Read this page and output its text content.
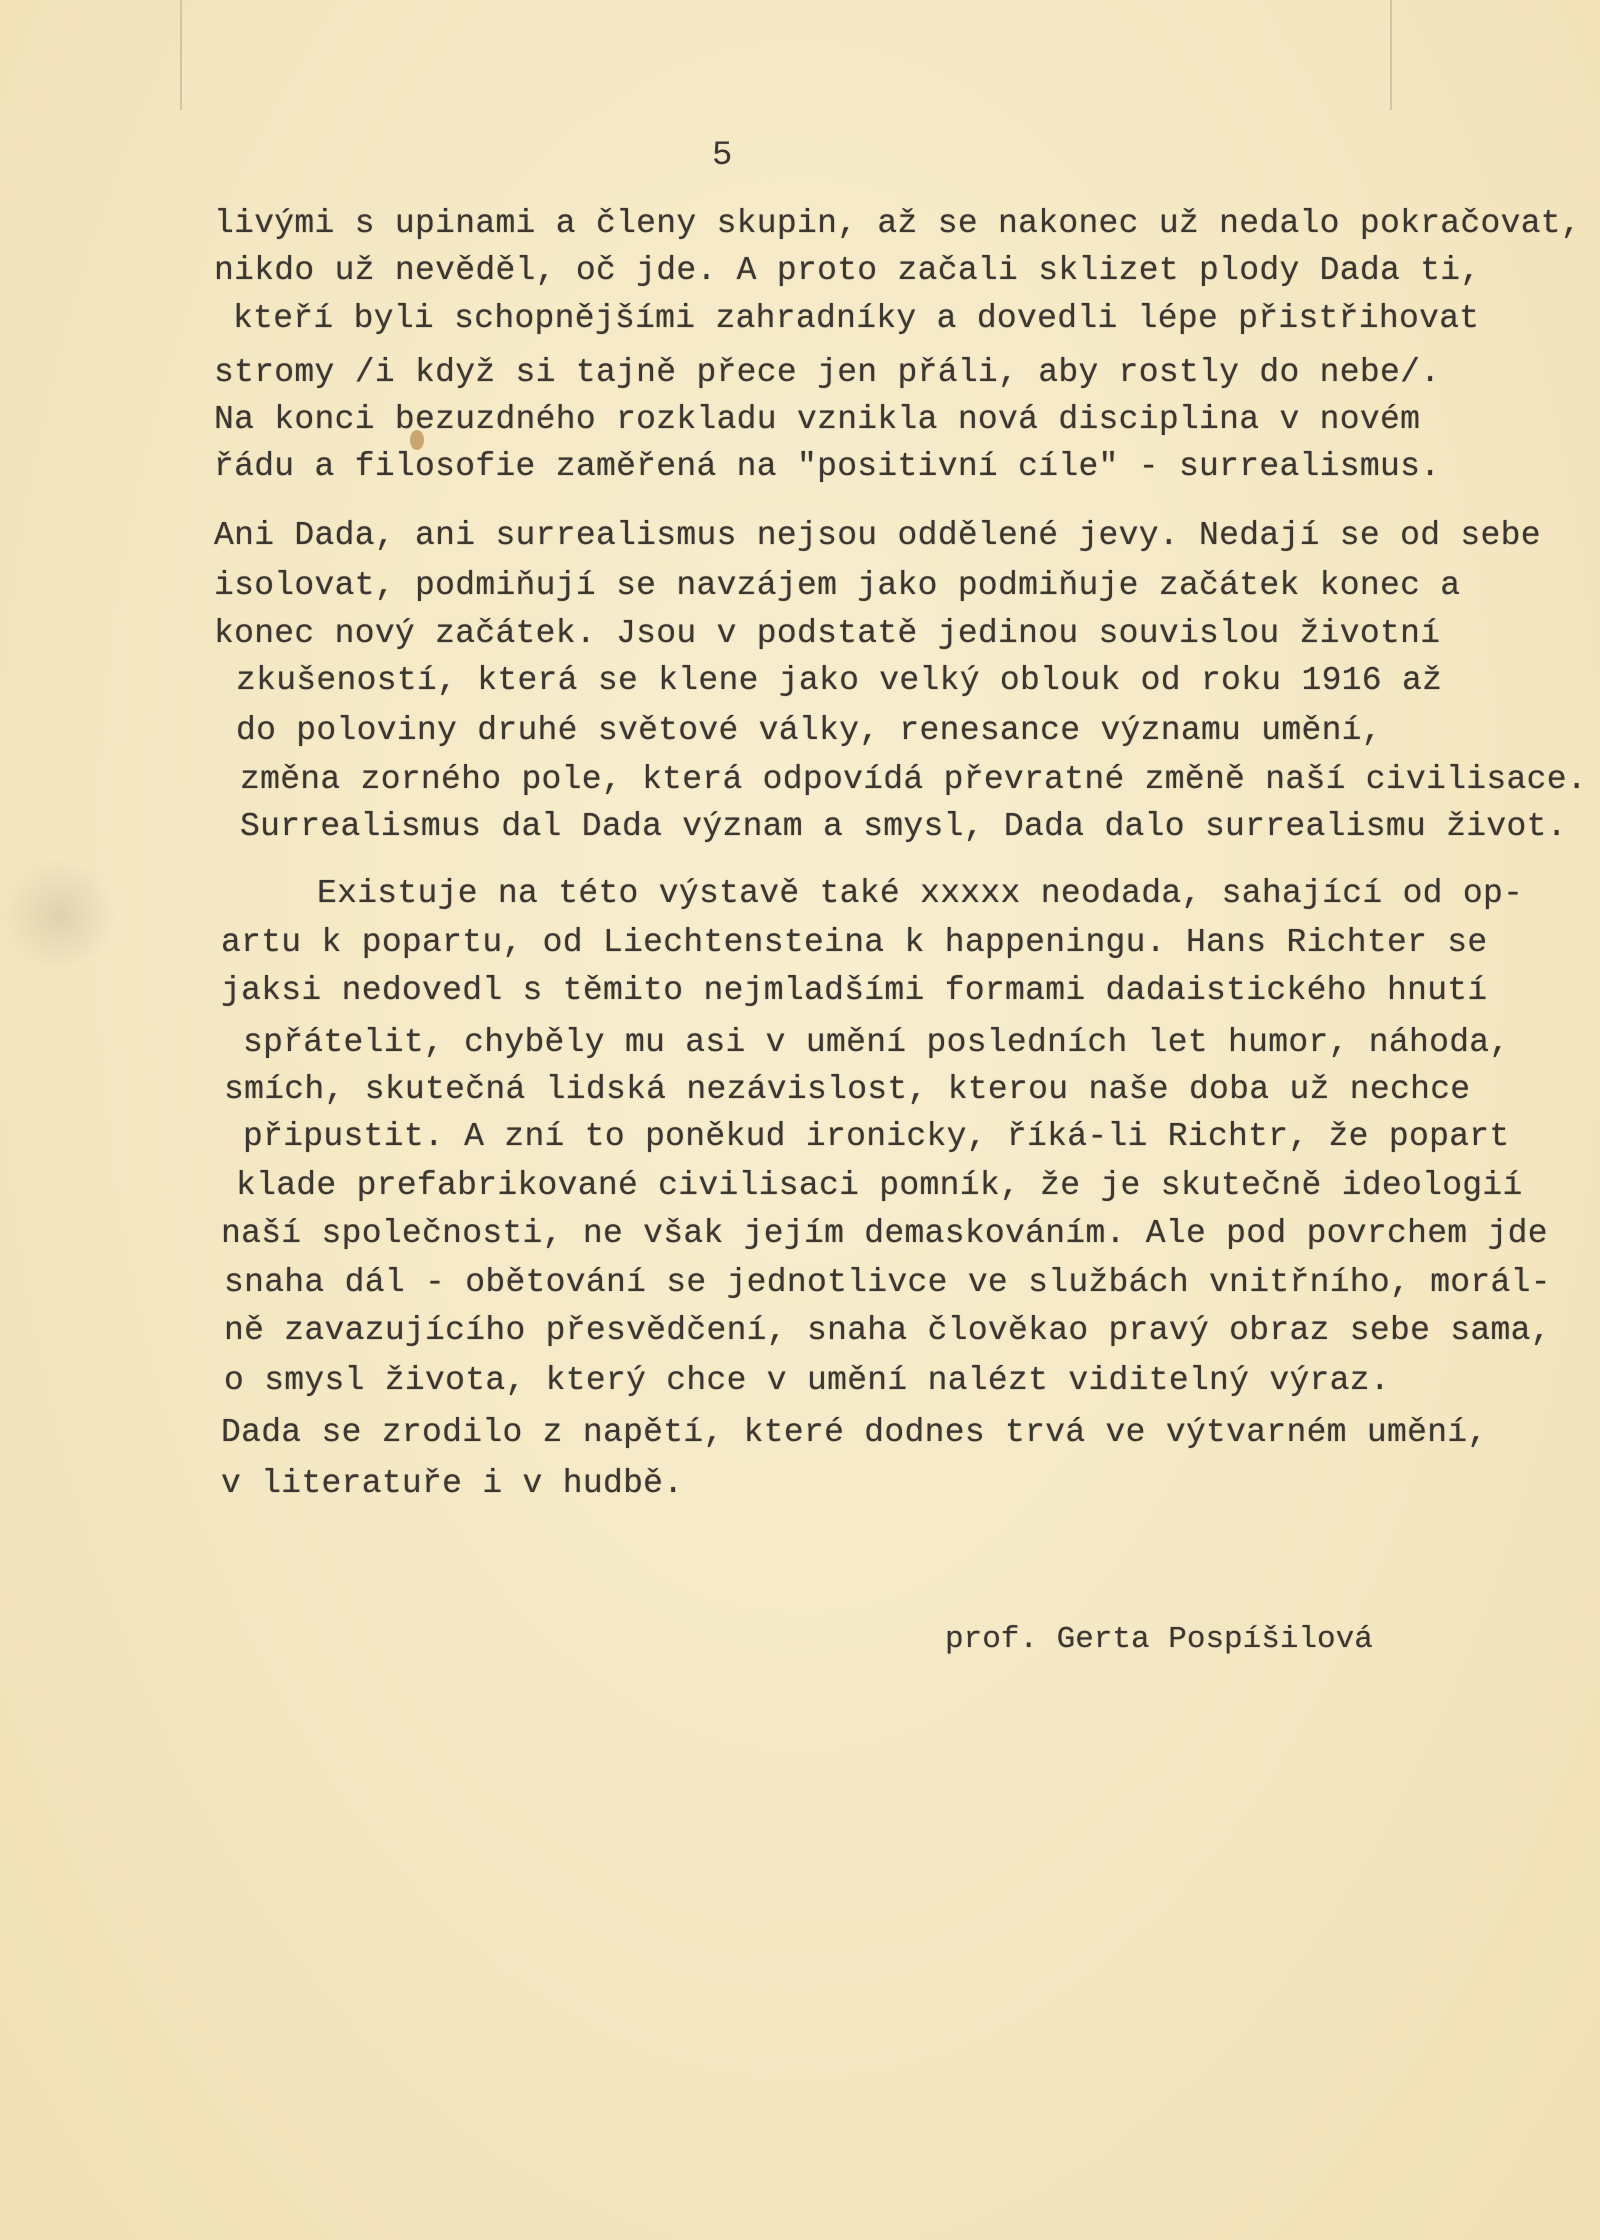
5
livými s upinami a členy skupin, až se nakonec už nedalo pokračovat,
nikdo už nevěděl, oč jde. A proto začali sklizet plody Dada ti,
kteří byli schopnějšími zahradníky a dovedli lépe přistřihovat
stromy /i když si tajně přece jen přáli, aby rostly do nebe/.
Na konci bezuzdného rozkladu vznikla nová disciplina v novém
řádu a filosofie zaměřená na "positivní cíle" - surrealismus.
Ani Dada, ani surrealismus nejsou oddělené jevy. Nedají se od sebe
isolovat, podmiňují se navzájem jako podmiňuje začátek konec a
konec nový začátek. Jsou v podstatě jedinou souvislou životní
zkušeností, která se klene jako velký oblouk od roku 1916 až
do poloviny druhé světové války, renesance významu umění,
změna zorného pole, která odpovídá převratné změně naší civilisace.
Surrealismus dal Dada význam a smysl, Dada dalo surrealismu život.
Existuje na této výstavě také xxxxx neodada, sahající od op-
artu k popartu, od Liechtensteina k happeningu. Hans Richter se
jaksi nedovedl s těmito nejmladšími formami dadaistického hnutí
spřátelit, chyběly mu asi v umění posledních let humor, náhoda,
smích, skutečná lidská nezávislost, kterou naše doba už nechce
připustit. A zní to poněkud ironicky, říká-li Richtr, že popart
klade prefabrikované civilisaci pomník, že je skutečně ideologií
naší společnosti, ne však jejím demaskováním. Ale pod povrchem jde
snaha dál - obětování se jednotlivce ve službách vnitřního, morál-
ně zavazujícího přesvědčení, snaha člověkao pravý obraz sebe sama,
o smysl života, který chce v umění nalézt viditelný výraz.
Dada se zrodilo z napětí, které dodnes trvá ve výtvarném umění,
v literatuře i v hudbě.
prof. Gerta Pospíšilová
